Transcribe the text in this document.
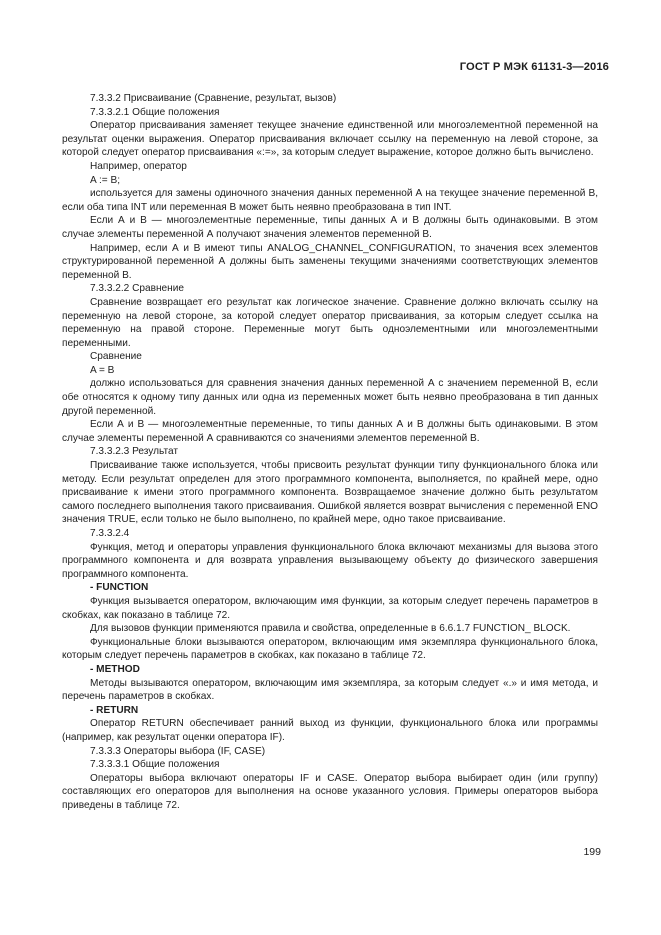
ГОСТ Р МЭК 61131-3—2016

7.3.3.2 Присваивание (Сравнение, результат, вызов)

7.3.3.2.1 Общие положения

Оператор присваивания заменяет текущее значение единственной или многоэлементной переменной на результат оценки выражения. Оператор присваивания включает ссылку на переменную на левой стороне, за которой следует оператор присваивания «:=», за которым следует выражение, которое должно быть вычислено.

Например, оператор

A := B;

используется для замены одиночного значения данных переменной А на текущее значение переменной В, если оба типа INT или переменная В может быть неявно преобразована в тип INT.

Если А и В — многоэлементные переменные, типы данных А и В должны быть одинаковыми. В этом случае элементы переменной А получают значения элементов переменной В.

Например, если А и В имеют типы ANALOG_CHANNEL_CONFIGURATION, то значения всех элементов структурированной переменной А должны быть заменены текущими значениями соответствующих элементов переменной В.

7.3.3.2.2 Сравнение

Сравнение возвращает его результат как логическое значение. Сравнение должно включать ссылку на переменную на левой стороне, за которой следует оператор присваивания, за которым следует ссылка на переменную на правой стороне. Переменные могут быть одноэлементными или многоэлементными переменными.

Сравнение

A = B

должно использоваться для сравнения значения данных переменной А с значением переменной В, если обе относятся к одному типу данных или одна из переменных может быть неявно преобразована в тип данных другой переменной.

Если А и В — многоэлементные переменные, то типы данных А и В должны быть одинаковыми. В этом случае элементы переменной А сравниваются со значениями элементов переменной В.

7.3.3.2.3 Результат

Присваивание также используется, чтобы присвоить результат функции типу функционального блока или методу. Если результат определен для этого программного компонента, выполняется, по крайней мере, одно присваивание к имени этого программного компонента. Возвращаемое значение должно быть результатом самого последнего выполнения такого присваивания. Ошибкой является возврат вычисления с переменной ENO значения TRUE, если только не было выполнено, по крайней мере, одно такое присваивание.

7.3.3.2.4

Функция, метод и операторы управления функционального блока включают механизмы для вызова этого программного компонента и для возврата управления вызывающему объекту до физического завершения программного компонента.

- FUNCTION

Функция вызывается оператором, включающим имя функции, за которым следует перечень параметров в скобках, как показано в таблице 72.

Для вызовов функции применяются правила и свойства, определенные в 6.6.1.7 FUNCTION_ BLOCK.

Функциональные блоки вызываются оператором, включающим имя экземпляра функционального блока, которым следует перечень параметров в скобках, как показано в таблице 72.

- METHOD

Методы вызываются оператором, включающим имя экземпляра, за которым следует «.» и имя метода, и перечень параметров в скобках.

- RETURN

Оператор RETURN обеспечивает ранний выход из функции, функционального блока или программы (например, как результат оценки оператора IF).

7.3.3.3 Операторы выбора (IF, CASE)

7.3.3.3.1 Общие положения

Операторы выбора включают операторы IF и CASE. Оператор выбора выбирает один (или группу) составляющих его операторов для выполнения на основе указанного условия. Примеры операторов выбора приведены в таблице 72.

199
